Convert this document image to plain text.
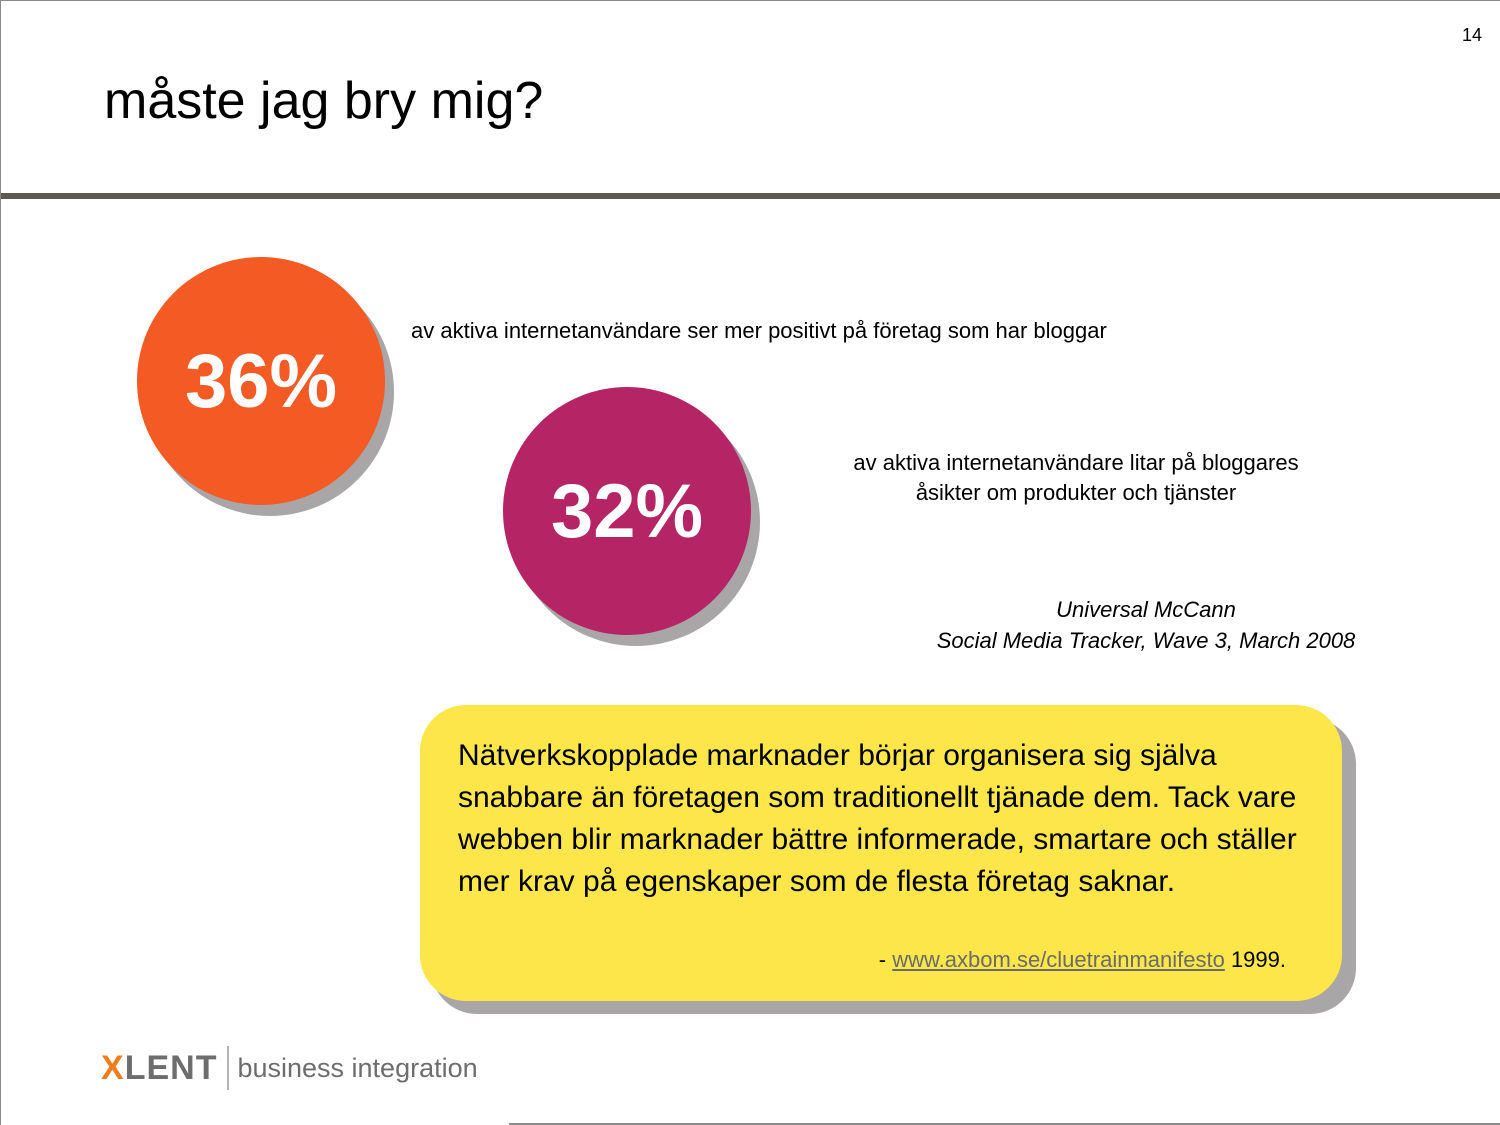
14
måste jag bry mig?
36%
av aktiva internetanvändare ser mer positivt på företag som har bloggar
32%
av aktiva internetanvändare litar på bloggares
åsikter om produkter och tjänster
Universal McCann
Social Media Tracker, Wave 3, March 2008

Nätverkskopplade marknader börjar organisera sig själva snabbare än företagen som traditionellt tjänade dem. Tack vare webben blir marknader bättre informerade, smartare och ställer mer krav på egenskaper som de flesta företag saknar.

- www.axbom.se/cluetrainmanifesto 1999.
X LENT business integration
